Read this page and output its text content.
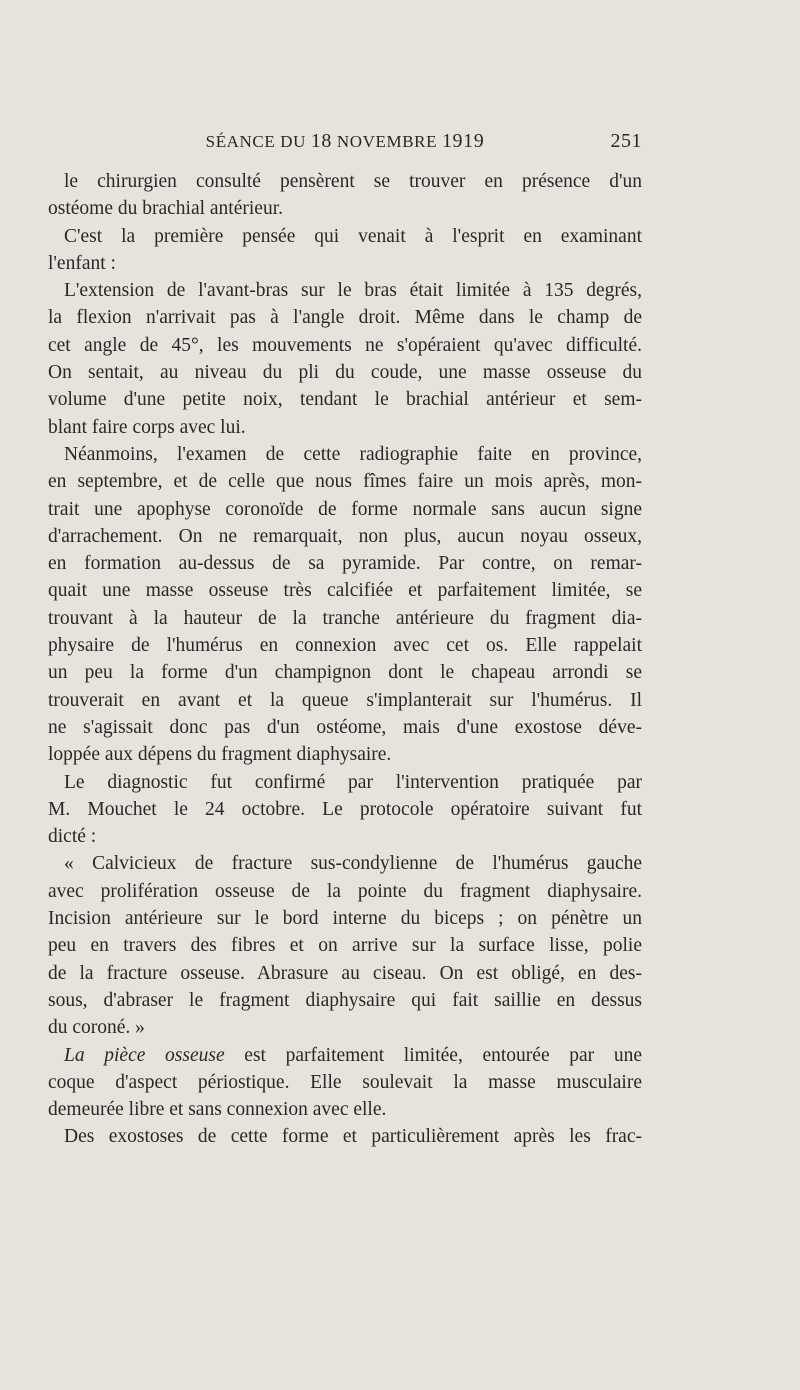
SÉANCE DU 18 NOVEMBRE 1919	251
le chirurgien consulté pensèrent se trouver en présence d'un
ostéome du brachial antérieur.
C'est la première pensée qui venait à l'esprit en examinant
l'enfant :
L'extension de l'avant-bras sur le bras était limitée à 135 degrés,
la flexion n'arrivait pas à l'angle droit. Même dans le champ de
cet angle de 45°, les mouvements ne s'opéraient qu'avec difficulté.
On sentait, au niveau du pli du coude, une masse osseuse du
volume d'une petite noix, tendant le brachial antérieur et sem-
blant faire corps avec lui.
Néanmoins, l'examen de cette radiographie faite en province,
en septembre, et de celle que nous fîmes faire un mois après, mon-
trait une apophyse coronoïde de forme normale sans aucun signe
d'arrachement. On ne remarquait, non plus, aucun noyau osseux,
en formation au-dessus de sa pyramide. Par contre, on remar-
quait une masse osseuse très calcifiée et parfaitement limitée, se
trouvant à la hauteur de la tranche antérieure du fragment dia-
physaire de l'humérus en connexion avec cet os. Elle rappelait
un peu la forme d'un champignon dont le chapeau arrondi se
trouverait en avant et la queue s'implanterait sur l'humérus. Il
ne s'agissait donc pas d'un ostéome, mais d'une exostose déve-
loppée aux dépens du fragment diaphysaire.
Le diagnostic fut confirmé par l'intervention pratiquée par
M. Mouchet le 24 octobre. Le protocole opératoire suivant fut
dicté :
« Calvicieux de fracture sus-condylienne de l'humérus gauche
avec prolifération osseuse de la pointe du fragment diaphysaire.
Incision antérieure sur le bord interne du biceps ; on pénètre un
peu en travers des fibres et on arrive sur la surface lisse, polie
de la fracture osseuse. Abrasure au ciseau. On est obligé, en des-
sous, d'abraser le fragment diaphysaire qui fait saillie en dessus
du coroné. »
La pièce osseuse est parfaitement limitée, entourée par une
coque d'aspect périostique. Elle soulevait la masse musculaire
demeurée libre et sans connexion avec elle.
Des exostoses de cette forme et particulièrement après les frac-
